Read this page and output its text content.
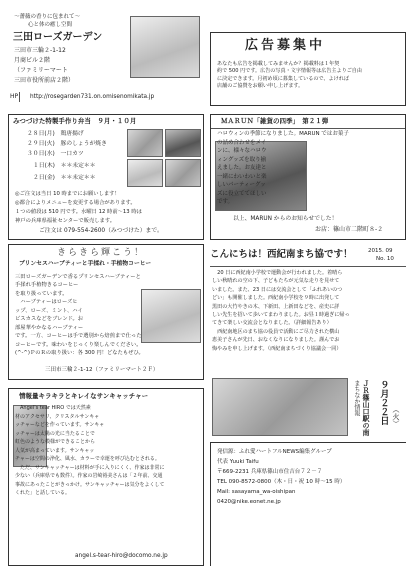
～薔薇の香りに包まれて～
心と体の癒し空間
三田ローズガーデン
三田市三輪２-1-12
月商ビル２階
（ファミリーマート
三田市役所前店２階）
HP http://rosegarden731.on.omisenomikata.jp
広告募集中
あなたも広告を掲載してみませんか？掲載料は１年契
約で 500 円です。広告の写真・文字情報等は広告主よりご自由
に決定できます。月初め頃に募集しているので、よければ
店舗のご協賛をお願い申し上げます。
みつづけた特製手作り弁当　９月・１０月
２８日(月)　鶏唐揚げ
２９日(火)　豚のしょうが焼き
３０日(水)　一口カツ
１日(木)　＊＊未定＊＊
２日(金)　＊＊未定＊＊
◎ご注文は当日 10 時までにお願いします！
◎都合によりメニューを変更する場合があります。
１つの値段は 510 円です。水曜日 12 時前〜13 時は
神戸の兵庫県福祉センターで販売します。
ご注文は 079-554-2600（みつづけた）まで。
ＭＡＲＵＮ「雑貨の四季」　第２１弾
ハロウィンの季節になりました。MARUN ではお菓子
の詰め合わせをメイ
ンに、様々なハロウ
ィングッズを取り揃
えました。お友達と
一緒にわいわいと楽
しいパーティーグッ
ズに役立ててほしい
です。
以上、MARUN からのお知らせでした！
お店：篠山市二階町８-２
きらきら輝こう！
プリンセスハーブティーと手揉れ・手植物コーヒー
三田ローズガーデンで香るプリンセスハーブティーと
手揉れ手植物きるコーヒー
を取り扱っています。
　ハーブティーはローズヒ
ップ、ローズ、ミント、ハイ
ビスカスなどをブレンド。お
部屋華やかなるハーブティー
です。一方、コーヒーは手で選別から焙煎まで仕った
コーヒーです。味わいをじっくり楽しんでください。
(^-^)ＰのＲの取り扱い：各 300 円！どなたもぜひ。
三田市三輪２-1-12（ファミリーマート２Ｆ）
こんにちは！西紀南まち協です！	2015. 09
No. 10
　20 日に西紀南小学校で運動会が行われました。着晴ら
しい秋晴れの空の下、子どもたちが元気な走りを見せて
いました。また、23 日には交流会として「ふれあいのつ
どい」も開催しました。西紀南小学校を９時に出発して
黒田の大竹やきの木、下新田、上新田などを、産史に詳
しい先生を招いて歩いてまわりました。お昼１時過ぎに帰っ
てきて楽しい交流会となりました。（詳細報告あり）
　西紀南地区のまち協の役員で活動にご尽力された横山
恵美子さんが先日、おなくなりになりました。謹んでお
悔やみを申し上げます。（西紀南まちづくり協議会一同）
まちなか情報 ＪＲ篠山口駅の南 ９月２２日 （火）
情報量キラキラとキレイなサンキャッチャー
　Angel's tear HIRO では天然素
材のアクセサリ、クリスタルサンキャ
ッチャーなどを作っています。サンキャ
ッチャーは太陽の光に当たることで
虹色のような模様ができることから
人気が高まっています。サンキャッ
チャーは空間の浄化、風水、カラーで幸運を呼び込むとされる。
　ただ、サンキャッチャーは材料が手に入りにくく、作家は非常に
少ない（兵庫県でも数件）。作家の岩崎裕美さんは「２年前、交通
事故にあったことがきっかけ。サンキャッチャーは気分をよくして
くれた」と話している。
angel.s-tear-hiro@docomo.ne.jp
発信源：ふれ愛ハートフルNEWS編集グループ
代表 Yuuki Taifu
〒669-2231 兵庫県篠山市住吉台７２－７
TEL 090-8572-0800（木・日・祝 10 時〜15 時）
Mail: sasayama_wa-oishipan
0420@nike.eonet.ne.jp
